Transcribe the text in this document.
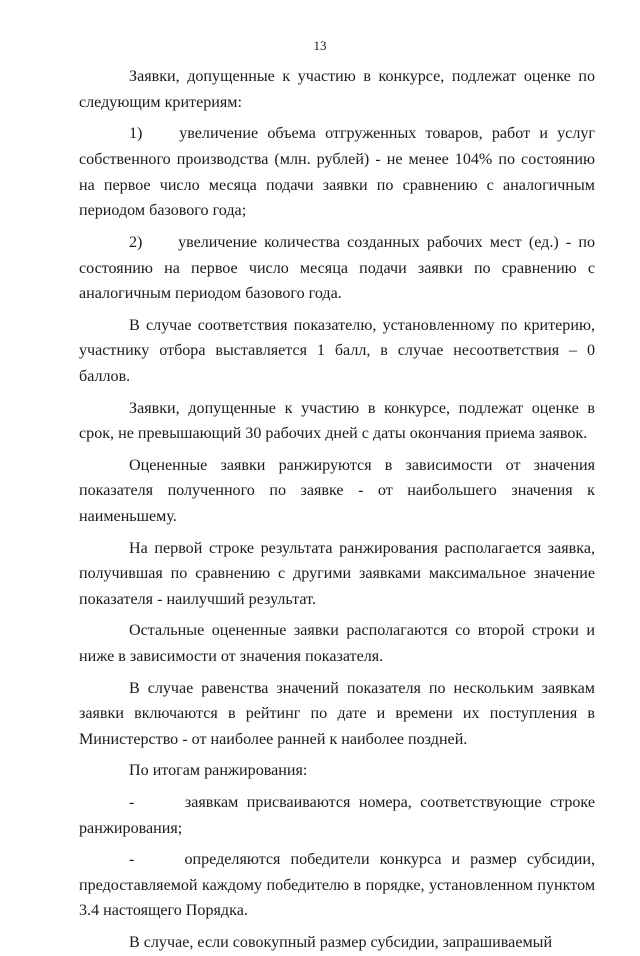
13

Заявки, допущенные к участию в конкурсе, подлежат оценке по следующим критериям:

1)    увеличение объема отгруженных товаров, работ и услуг собственного производства (млн. рублей) - не менее 104% по состоянию на первое число месяца подачи заявки по сравнению с аналогичным периодом базового года;

2)     увеличение количества созданных рабочих мест (ед.) - по состоянию на первое число месяца подачи заявки по сравнению с аналогичным периодом базового года.

В случае соответствия показателю, установленному по критерию, участнику отбора выставляется 1 балл, в случае несоответствия – 0 баллов.

Заявки, допущенные к участию в конкурсе, подлежат оценке в срок, не превышающий 30 рабочих дней с даты окончания приема заявок.

Оцененные заявки ранжируются в зависимости от значения показателя полученного по заявке - от наибольшего значения к наименьшему.

На первой строке результата ранжирования располагается заявка, получившая по сравнению с другими заявками максимальное значение показателя - наилучший результат.

Остальные оцененные заявки располагаются со второй строки и ниже в зависимости от значения показателя.

В случае равенства значений показателя по нескольким заявкам заявки включаются в рейтинг по дате и времени их поступления в Министерство - от наиболее ранней к наиболее поздней.

По итогам ранжирования:

-      заявкам присваиваются номера, соответствующие строке ранжирования;

-     определяются победители конкурса и размер субсидии, предоставляемой каждому победителю в порядке, установленном пунктом 3.4 настоящего Порядка.

В случае, если совокупный размер субсидии, запрашиваемый
